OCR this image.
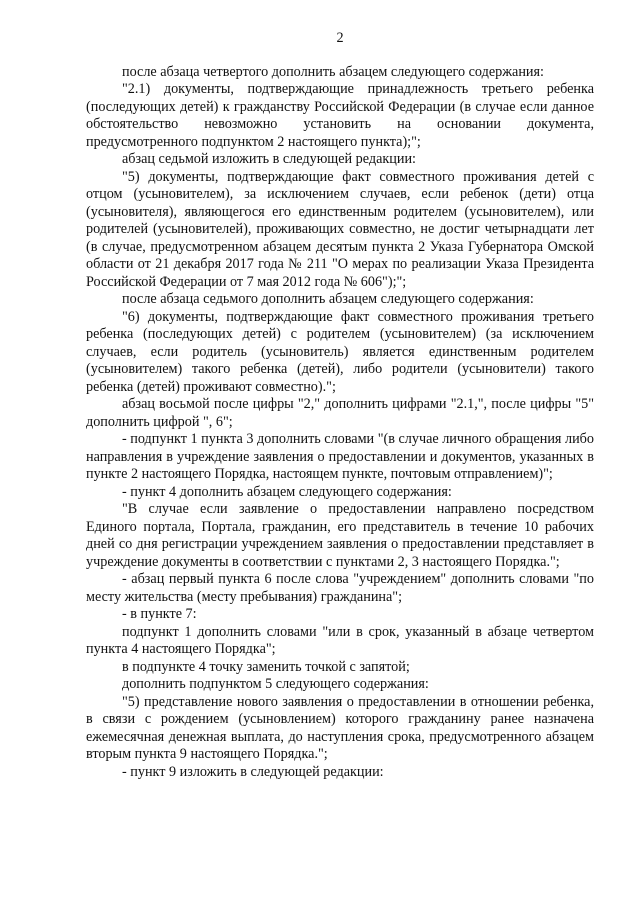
2

после абзаца четвертого дополнить абзацем следующего содержания:

"2.1) документы, подтверждающие принадлежность третьего ребенка (последующих детей) к гражданству Российской Федерации (в случае если данное обстоятельство невозможно установить на основании документа, предусмотренного подпунктом 2 настоящего пункта);";

абзац седьмой изложить в следующей редакции:

"5) документы, подтверждающие факт совместного проживания детей с отцом (усыновителем), за исключением случаев, если ребенок (дети) отца (усыновителя), являющегося его единственным родителем (усыновителем), или родителей (усыновителей), проживающих совместно, не достиг четырнадцати лет (в случае, предусмотренном абзацем десятым пункта 2 Указа Губернатора Омской области от 21 декабря 2017 года № 211 "О мерах по реализации Указа Президента Российской Федерации от 7 мая 2012 года № 606");";

после абзаца седьмого дополнить абзацем следующего содержания:

"6) документы, подтверждающие факт совместного проживания третьего ребенка (последующих детей) с родителем (усыновителем) (за исключением случаев, если родитель (усыновитель) является единственным родителем (усыновителем) такого ребенка (детей), либо родители (усыновители) такого ребенка (детей) проживают совместно).";

абзац восьмой после цифры "2," дополнить цифрами "2.1,", после цифры "5" дополнить цифрой ", 6";

- подпункт 1 пункта 3 дополнить словами "(в случае личного обращения либо направления в учреждение заявления о предоставлении и документов, указанных в пункте 2 настоящего Порядка, настоящем пункте, почтовым отправлением)";

- пункт 4 дополнить абзацем следующего содержания:

"В случае если заявление о предоставлении направлено посредством Единого портала, Портала, гражданин, его представитель в течение 10 рабочих дней со дня регистрации учреждением заявления о предоставлении представляет в учреждение документы в соответствии с пунктами 2, 3 настоящего Порядка.";

- абзац первый пункта 6 после слова "учреждением" дополнить словами "по месту жительства (месту пребывания) гражданина";

- в пункте 7:

подпункт 1 дополнить словами "или в срок, указанный в абзаце четвертом пункта 4 настоящего Порядка";

в подпункте 4 точку заменить точкой с запятой;

дополнить подпунктом 5 следующего содержания:

"5) представление нового заявления о предоставлении в отношении ребенка, в связи с рождением (усыновлением) которого гражданину ранее назначена ежемесячная денежная выплата, до наступления срока, предусмотренного абзацем вторым пункта 9 настоящего Порядка.";

- пункт 9 изложить в следующей редакции:
